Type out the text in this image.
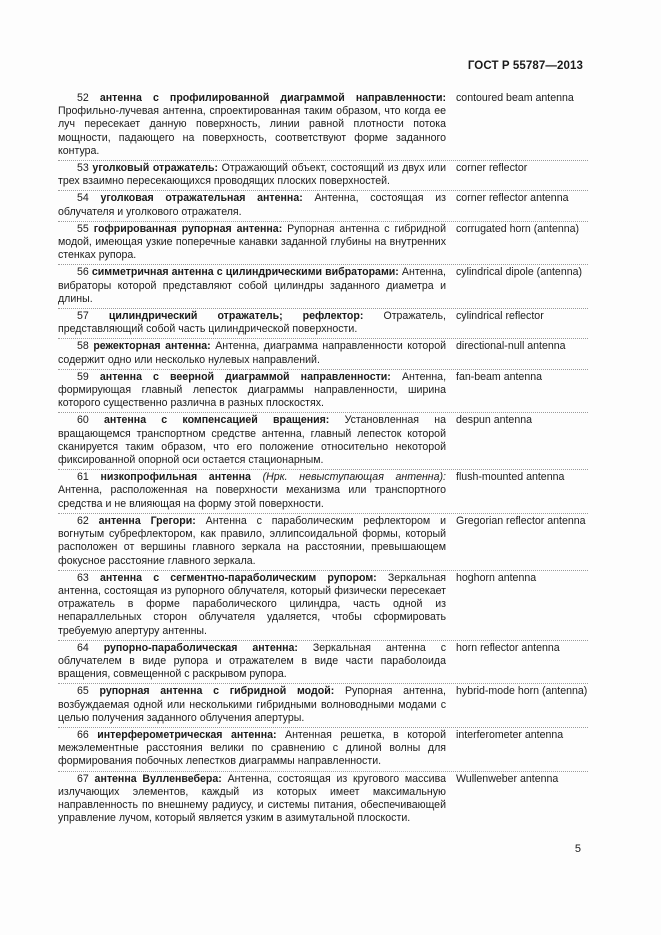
ГОСТ Р 55787—2013
52 антенна с профилированной диаграммой направленности: Профильно-лучевая антенна, спроектированная таким образом, что когда ее луч пересекает данную поверхность, линии равной плотности потока мощности, падающего на поверхность, соответствуют форме заданного контура.
contoured beam antenna
53 уголковый отражатель: Отражающий объект, состоящий из двух или трех взаимно пересекающихся проводящих плоских поверхностей.
corner reflector
54 уголковая отражательная антенна: Антенна, состоящая из облучателя и уголкового отражателя.
corner reflector antenna
55 гофрированная рупорная антенна: Рупорная антенна с гибридной модой, имеющая узкие поперечные канавки заданной глубины на внутренних стенках рупора.
corrugated horn (antenna)
56 симметричная антенна с цилиндрическими вибраторами: Антенна, вибраторы которой представляют собой цилиндры заданного диаметра и длины.
cylindrical dipole (antenna)
57 цилиндрический отражатель; рефлектор: Отражатель, представляющий собой часть цилиндрической поверхности.
cylindrical reflector
58 режекторная антенна: Антенна, диаграмма направленности которой содержит одно или несколько нулевых направлений.
directional-null antenna
59 антенна с веерной диаграммой направленности: Антенна, формирующая главный лепесток диаграммы направленности, ширина которого существенно различна в разных плоскостях.
fan-beam antenna
60 антенна с компенсацией вращения: Установленная на вращающемся транспортном средстве антенна, главный лепесток которой сканируется таким образом, что его положение относительно некоторой фиксированной опорной оси остается стационарным.
despun antenna
61 низкопрофильная антенна (Нрк. невыступающая антенна): Антенна, расположенная на поверхности механизма или транспортного средства и не влияющая на форму этой поверхности.
flush-mounted antenna
62 антенна Грегори: Антенна с параболическим рефлектором и вогнутым субрефлектором, как правило, эллипсоидальной формы, который расположен от вершины главного зеркала на расстоянии, превышающем фокусное расстояние главного зеркала.
Gregorian reflector antenna
63 антенна с сегментно-параболическим рупором: Зеркальная антенна, состоящая из рупорного облучателя, который физически пересекает отражатель в форме параболического цилиндра, часть одной из непараллельных сторон облучателя удаляется, чтобы сформировать требуемую апертуру антенны.
hoghorn antenna
64 рупорно-параболическая антенна: Зеркальная антенна с облучателем в виде рупора и отражателем в виде части параболоида вращения, совмещенной с раскрывом рупора.
horn reflector antenna
65 рупорная антенна с гибридной модой: Рупорная антенна, возбуждаемая одной или несколькими гибридными волноводными модами с целью получения заданного облучения апертуры.
hybrid-mode horn (antenna)
66 интерферометрическая антенна: Антенная решетка, в которой межэлементные расстояния велики по сравнению с длиной волны для формирования побочных лепестков диаграммы направленности.
interferometer antenna
67 антенна Вулленвебера: Антенна, состоящая из кругового массива излучающих элементов, каждый из которых имеет максимальную направленность по внешнему радиусу, и системы питания, обеспечивающей управление лучом, который является узким в азимутальной плоскости.
Wullenweber antenna
5
